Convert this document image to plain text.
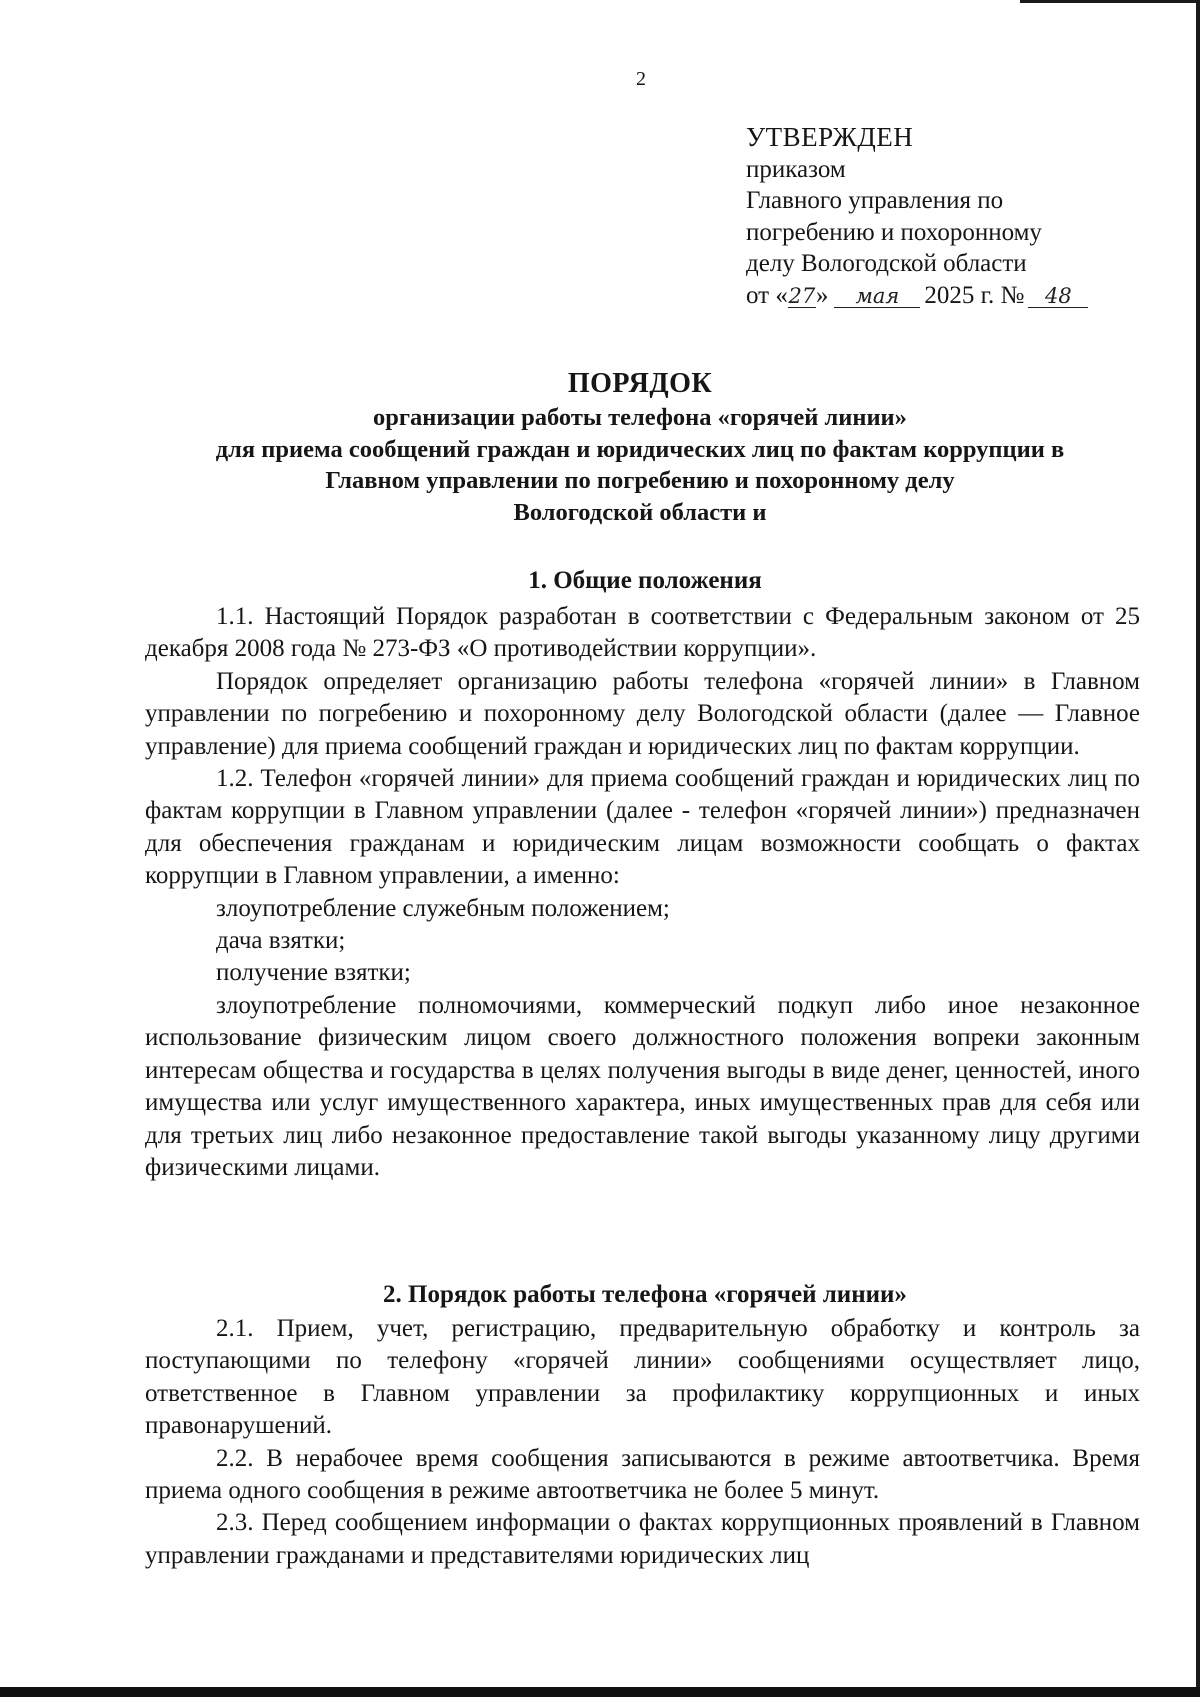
2
УТВЕРЖДЕН
приказом
Главного управления по
погребению и похоронному
делу Вологодской области
от «27» мая 2025 г. № 48
ПОРЯДОК
организации работы телефона «горячей линии»
для приема сообщений граждан и юридических лиц по фактам коррупции в
Главном управлении по погребению и похоронному делу
Вологодской области и
1. Общие положения

1.1. Настоящий Порядок разработан в соответствии с Федеральным законом от 25 декабря 2008 года № 273-ФЗ «О противодействии коррупции».

Порядок определяет организацию работы телефона «горячей линии» в Главном управлении по погребению и похоронному делу Вологодской области (далее — Главное управление) для приема сообщений граждан и юридических лиц по фактам коррупции.

1.2. Телефон «горячей линии» для приема сообщений граждан и юридических лиц по фактам коррупции в Главном управлении (далее - телефон «горячей линии») предназначен для обеспечения гражданам и юридическим лицам возможности сообщать о фактах коррупции в Главном управлении, а именно:

злоупотребление служебным положением;

дача взятки;

получение взятки;

злоупотребление полномочиями, коммерческий подкуп либо иное незаконное использование физическим лицом своего должностного положения вопреки законным интересам общества и государства в целях получения выгоды в виде денег, ценностей, иного имущества или услуг имущественного характера, иных имущественных прав для себя или для третьих лиц либо незаконное предоставление такой выгоды указанному лицу другими физическими лицами.

2. Порядок работы телефона «горячей линии»

2.1. Прием, учет, регистрацию, предварительную обработку и контроль за поступающими по телефону «горячей линии» сообщениями осуществляет лицо, ответственное в Главном управлении за профилактику коррупционных и иных правонарушений.

2.2. В нерабочее время сообщения записываются в режиме автоответчика. Время приема одного сообщения в режиме автоответчика не более 5 минут.

2.3. Перед сообщением информации о фактах коррупционных проявлений в Главном управлении гражданами и представителями юридических лиц
